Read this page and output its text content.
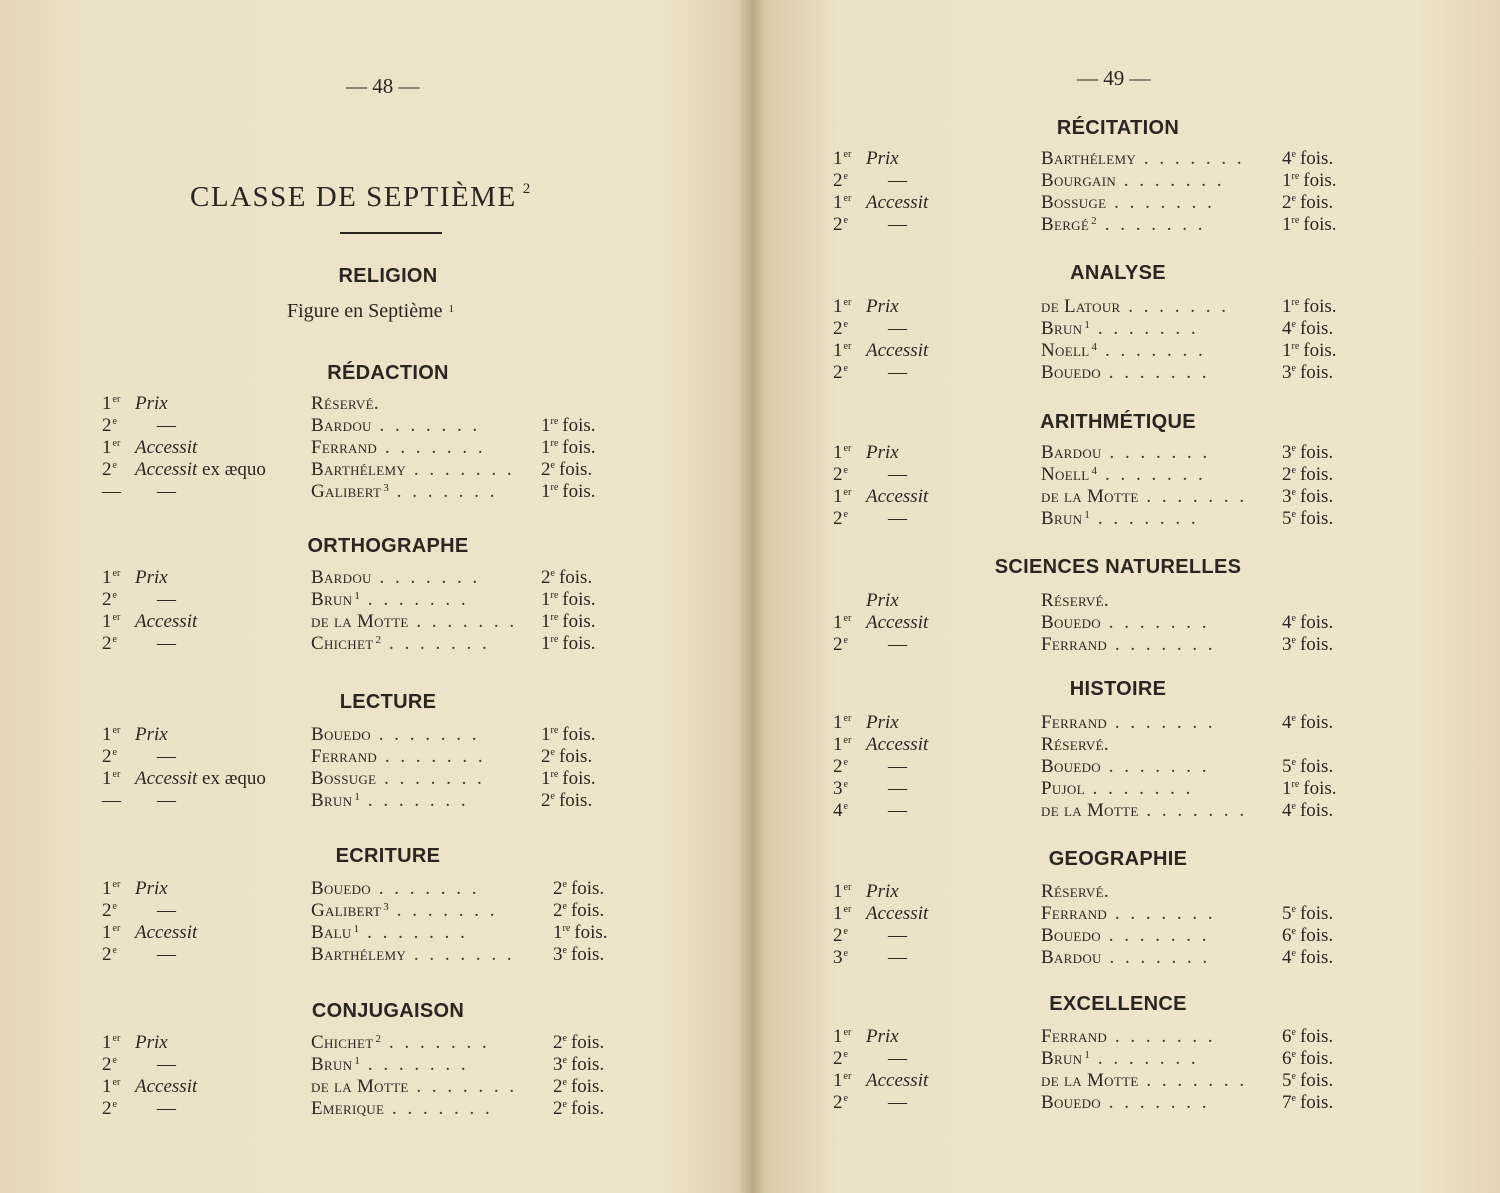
— 48 —
CLASSE DE SEPTIÈME $^2$
RELIGION
Figure en Septième $^1$
RÉDACTION
ORTHOGRAPHE
LECTURE
ECRITURE
CONJUGAISON
1er Prix	Réservé.
2e	—	Bardou . . . . . . .	1re fois.
1er Accessit	Ferrand . . . . . . .	1re fois.
2e Accessit ex æquo Barthélemy . . . . . . . 2e fois.
—	—	Galibert $^3$ . . . . . . . 1re fois.
1er Prix	Bardou . . . . . . .	2e fois.
2e	—	Brun $^1$ . . . . . . .	1re fois.
1er Accessit	de la Motte . . . . . . . 1re fois.
2e	—	Chichet $^2$ . . . . . . .	1re fois.
1er Prix	Bouedo . . . . . . .	1re fois.
2e	—	Ferrand . . . . . . .	2e fois.
1er Accessit ex æquo Bossuge . . . . . . .	1re fois.
—	—	Brun $^1$ . . . . . . .	2e fois.
1er Prix	Bouedo . . . . . . .	2e fois.
2e	—	Galibert $^3$ . . . . . . .	2e fois.
1er Accessit	Balu $^1$ . . . . . . .	1re fois.
2e	—	Barthélemy . . . . . . . 3e fois.
1er Prix	Chichet $^2$ . . . . . . .	2e fois.
2e	—	Brun $^1$ . . . . . . .	3e fois.
1er Accessit	de la Motte . . . . . . . 2e fois.
2e	—	Emerique . . . . . . .	2e fois.
— 49 —
RÉCITATION
ANALYSE
ARITHMÉTIQUE
SCIENCES NATURELLES
HISTOIRE
GEOGRAPHIE
EXCELLENCE
1er Prix	Barthélemy . . . . . . . 4e fois.
2e	—	Bourgain . . . . . . .	1re fois.
1er Accessit	Bossuge . . . . . . .	2e fois.
2e	—	Bergé $^2$ . . . . . . .	1re fois.
1er Prix	de Latour . . . . . . .	1re fois.
2e	—	Brun $^1$ . . . . . . .	4e fois.
1er Accessit	Noell $^4$ . . . . . . .	1re fois.
2e	—	Bouedo . . . . . . .	3e fois.
1er Prix	Bardou . . . . . . .	3e fois.
2e	—	Noell $^4$ . . . . . . .	2e fois.
1er Accessit	de la Motte . . . . . . . 3e fois.
2e	—	Brun $^1$ . . . . . . .	5e fois.
Prix	Réservé.
1er Accessit	Bouedo . . . . . . .	4e fois.
2e	—	Ferrand . . . . . . .	3e fois.
1er Prix	Ferrand . . . . . . .	4e fois.
1er Accessit	Réservé.
2e	—	Bouedo . . . . . . .	5e fois.
3e	—	Pujol . . . . . . .	1re fois.
4e	—	de la Motte . . . . . . . 4e fois.
1er Prix	Réservé.
1er Accessit	Ferrand . . . . . . .	5e fois.
2e	—	Bouedo . . . . . . .	6e fois.
3e	—	Bardou . . . . . . .	4e fois.
1er Prix	Ferrand . . . . . . .	6e fois.
2e	—	Brun $^1$ . . . . . . .	6e fois.
1er Accessit	de la Motte . . . . . . . 5e fois.
2e	—	Bouedo . . . . . . .	7e fois.
